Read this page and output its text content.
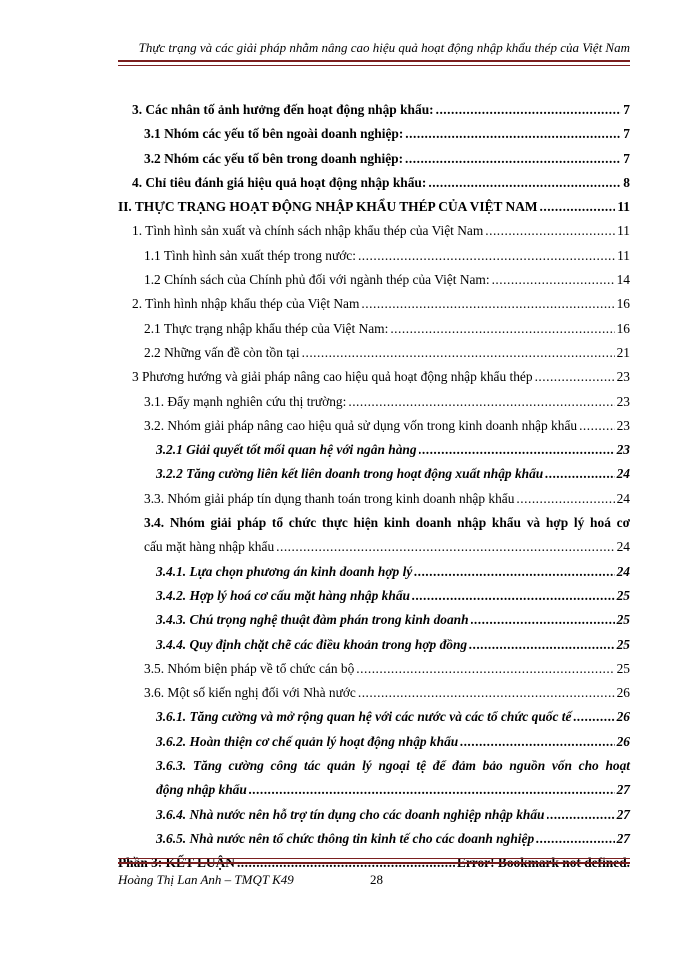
Thực trạng và các giải pháp nhằm nâng cao hiệu quả hoạt động nhập khẩu thép của Việt Nam
3. Các nhân tố ảnh hưởng đến hoạt động nhập khẩu: .....	7
3.1 Nhóm các yếu tố bên ngoài doanh nghiệp: .....	7
3.2 Nhóm các yếu tố bên trong doanh nghiệp: .....	7
4. Chỉ tiêu đánh giá hiệu quả hoạt động nhập khẩu: .....	8
II. THỰC TRẠNG HOẠT ĐỘNG NHẬP KHẨU THÉP CỦA VIỆT NAM .....	11
1. Tình hình sản xuất và chính sách nhập khẩu thép của Việt Nam .....	11
1.1 Tình hình sản xuất thép trong nước: .....	11
1.2 Chính sách của Chính phủ đối với ngành thép của Việt Nam: .....	14
2. Tình hình nhập khẩu thép của Việt Nam .....	16
2.1 Thực trạng nhập khẩu thép của Việt Nam: .....	16
2.2 Những vấn đề còn tồn tại .....	21
3 Phương hướng và giải pháp nâng cao hiệu quả hoạt động nhập khẩu thép .....	23
3.1. Đẩy mạnh nghiên cứu thị trường: .....	23
3.2. Nhóm giải pháp nâng cao hiệu quả sử dụng vốn trong kinh doanh nhập khẩu .....	23
3.2.1 Giải quyết tốt mối quan hệ với ngân hàng .....	23
3.2.2 Tăng cường liên kết liên doanh trong hoạt động xuất nhập khẩu .....	24
3.3. Nhóm giải pháp tín dụng thanh toán trong kinh doanh nhập khẩu .....	24
3.4. Nhóm giải pháp tổ chức thực hiện kinh doanh nhập khẩu và hợp lý hoá cơ
cấu mặt hàng nhập khẩu .....	24
3.4.1. Lựa chọn phương án kinh doanh hợp lý .....	24
3.4.2. Hợp lý hoá cơ cấu mặt hàng nhập khẩu .....	25
3.4.3. Chú trọng nghệ thuật đàm phán trong kinh doanh .....	25
3.4.4. Quy định chặt chẽ các điều khoản trong hợp đồng .....	25
3.5. Nhóm biện pháp về tổ chức cán bộ .....	25
3.6. Một số kiến nghị đối với Nhà nước .....	26
3.6.1. Tăng cường và mở rộng quan hệ với các nước và các tổ chức quốc tế .....	26
3.6.2. Hoàn thiện cơ chế quản lý hoạt động nhập khẩu .....	26
3.6.3. Tăng cường công tác quản lý ngoại tệ để đảm bảo nguồn vốn cho hoạt
động nhập khẩu .....	27
3.6.4. Nhà nước nên hỗ trợ tín dụng cho các doanh nghiệp nhập khẩu .....	27
3.6.5. Nhà nước nên tổ chức thông tin kinh tế cho các doanh nghiệp .....	27
Phần 3: KẾT LUẬN .....	Error! Bookmark not defined.
Hoàng Thị Lan Anh – TMQT K49	28
